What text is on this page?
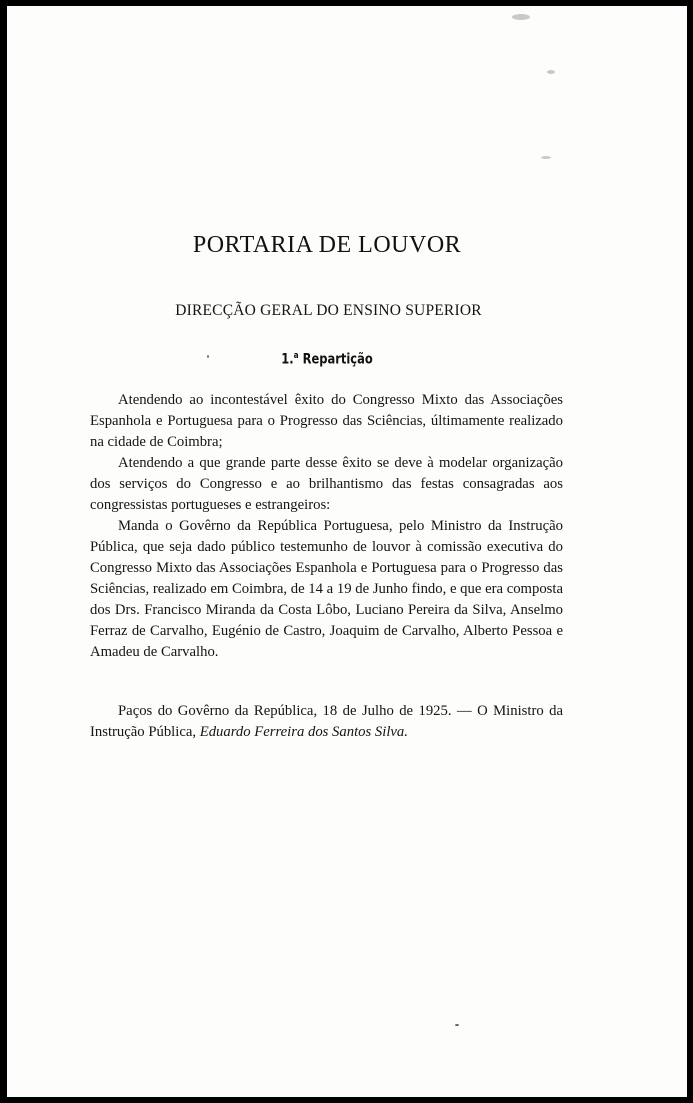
PORTARIA DE LOUVOR
DIRECÇÃO GERAL DO ENSINO SUPERIOR
1.$^a$ Repartição

Atendendo ao incontestável êxito do Congresso Mixto das Associações Espanhola e Portuguesa para o Progresso das Sciências, últimamente realizado na cidade de Coimbra;

Atendendo a que grande parte desse êxito se deve à modelar organização dos serviços do Congresso e ao brilhantismo das festas consagradas aos congressistas portugueses e estrangeiros:

Manda o Govêrno da República Portuguesa, pelo Ministro da Instrução Pública, que seja dado público testemunho de louvor à comissão executiva do Congresso Mixto das Associações Espanhola e Portuguesa para o Progresso das Sciências, realizado em Coimbra, de 14 a 19 de Junho findo, e que era composta dos Drs. Francisco Miranda da Costa Lôbo, Luciano Pereira da Silva, Anselmo Ferraz de Carvalho, Eugénio de Castro, Joaquim de Carvalho, Alberto Pessoa e Amadeu de Carvalho.

Paços do Govêrno da República, 18 de Julho de 1925. — O Ministro da Instrução Pública, Eduardo Ferreira dos Santos Silva.
